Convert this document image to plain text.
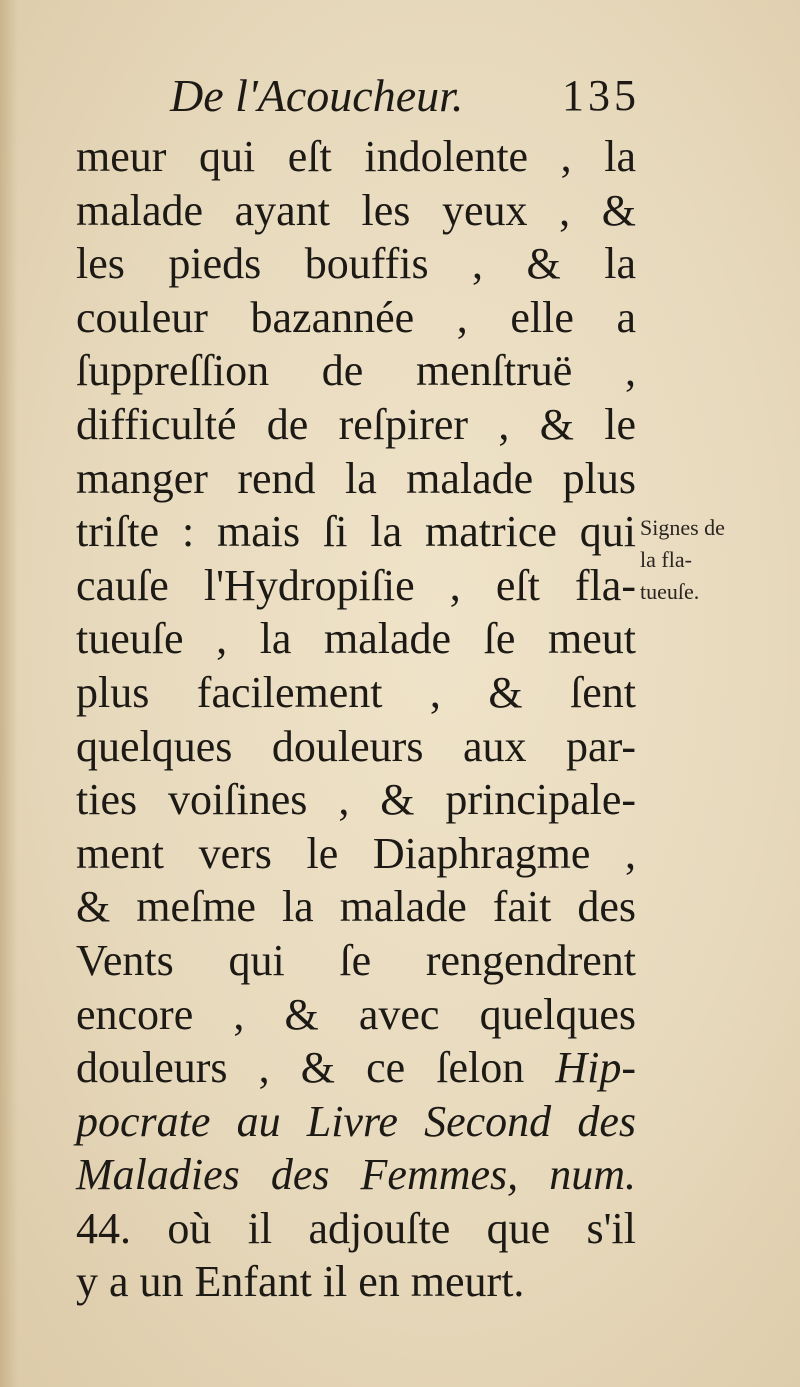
De l'Acoucheur. 135
meur qui eſt indolente , la
malade ayant les yeux , &
les pieds bouffis , & la
couleur bazannée , elle a
ſuppreſſion de menſtruë ,
difficulté de reſpirer , & le
manger rend la malade plus
triſte : mais ſi la matrice qui
cauſe l'Hydropiſie , eſt fla-
tueuſe , la malade ſe meut
plus facilement , & ſent
quelques douleurs aux par-
ties voiſines , & principale-
ment vers le Diaphragme ,
& meſme la malade fait des
Vents qui ſe rengendrent
encore , & avec quelques
douleurs , & ce ſelon Hip-
pocrate au Livre Second des
Maladies des Femmes, num.
44. où il adjouſte que s'il
y a un Enfant il en meurt.
Signes de
la fla-
tueuſe.
